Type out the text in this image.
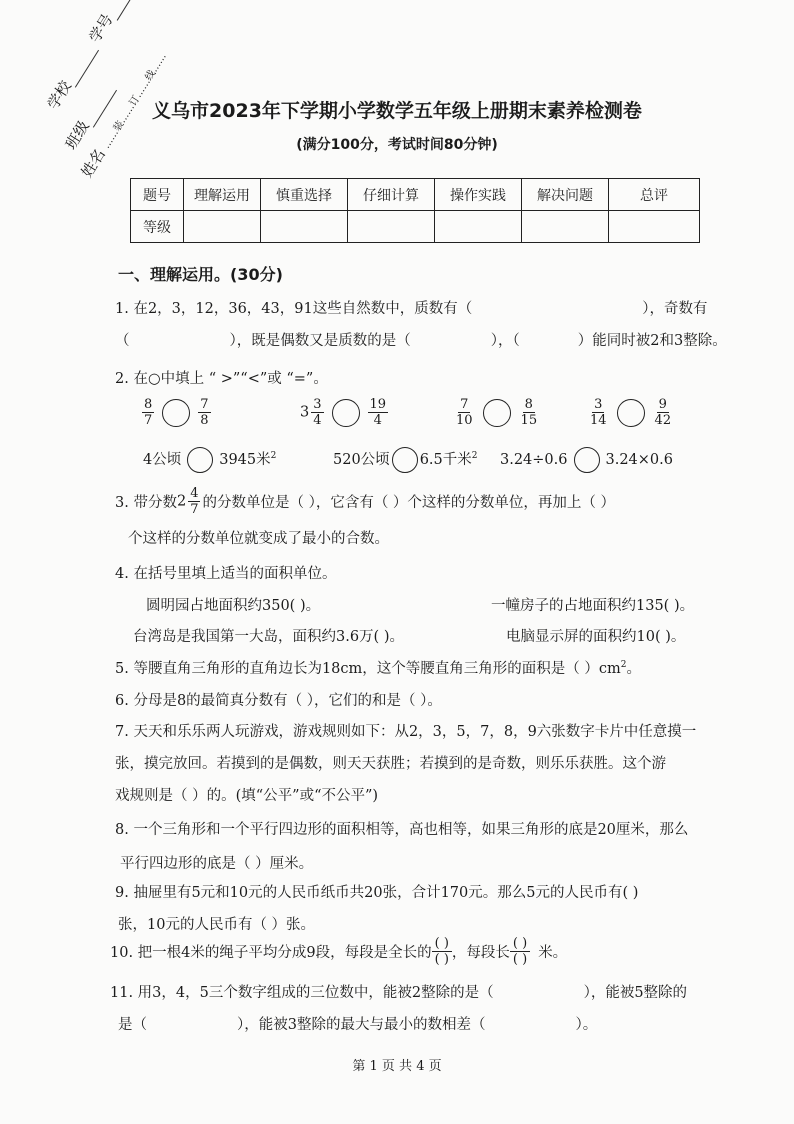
学校 学号
班级
姓名 ……装……订……线……
义乌市2023年下学期小学数学五年级上册期末素养检测卷
(满分100分，考试时间80分钟)
题号	理解运用	慎重选择	仔细计算	操作实践	解决问题	总评
等级						
一、理解运用。(30分)
1. 在2，3，12，36，43，91这些自然数中，质数有（	），奇数有
（	），既是偶数又是质数的是（	），（	）能同时被2和3整除。
2. 在○中填上 “ >”“<”或 “=”。
$\frac{8}{7}$	$\frac{7}{8}$	$3 \frac{3}{4}$	$\frac{19}{4}$	$\frac{7}{10}$	$\frac{8}{15}$	$\frac{3}{14}$	$\frac{9}{42}$
4公顷	3945米$^2$	520公顷 6.5千米$^2$ 3.24÷0.6	3.24×0.6
3. 带分数$2 \frac{4}{7}$ 的分数单位是（ ），它含有（ ）个这样的分数单位，再加上（ ）
个这样的分数单位就变成了最小的合数。
4. 在括号里填上适当的面积单位。
圆明园占地面积约350( )。	一幢房子的占地面积约135( )。
台湾岛是我国第一大岛，面积约3.6万( )。	电脑显示屏的面积约10( )。
5. 等腰直角三角形的直角边长为18cm，这个等腰直角三角形的面积是（ ）$cm^2$。
6. 分母是8的最简真分数有（ ），它们的和是（ ）。
7. 天天和乐乐两人玩游戏，游戏规则如下：从2，3，5，7，8，9六张数字卡片中任意摸一
张，摸完放回。若摸到的是偶数，则天天获胜；若摸到的是奇数，则乐乐获胜。这个游
戏规则是（ ）的。(填“公平”或“不公平”)
8. 一个三角形和一个平行四边形的面积相等，高也相等，如果三角形的底是20厘米，那么
平行四边形的底是（ ）厘米。
9. 抽屉里有5元和10元的人民币纸币共20张，合计170元。那么5元的人民币有( )
张，10元的人民币有（ ）张。
10. 把一根4米的绳子平均分成9段，每段是全长的
( )
( ) ，每段长
( )
( ) 米。
11. 用3，4，5三个数字组成的三位数中，能被2整除的是（	），能被5整除的
是（	），能被3整除的最大与最小的数相差（	）。
第 1 页 共 4 页
